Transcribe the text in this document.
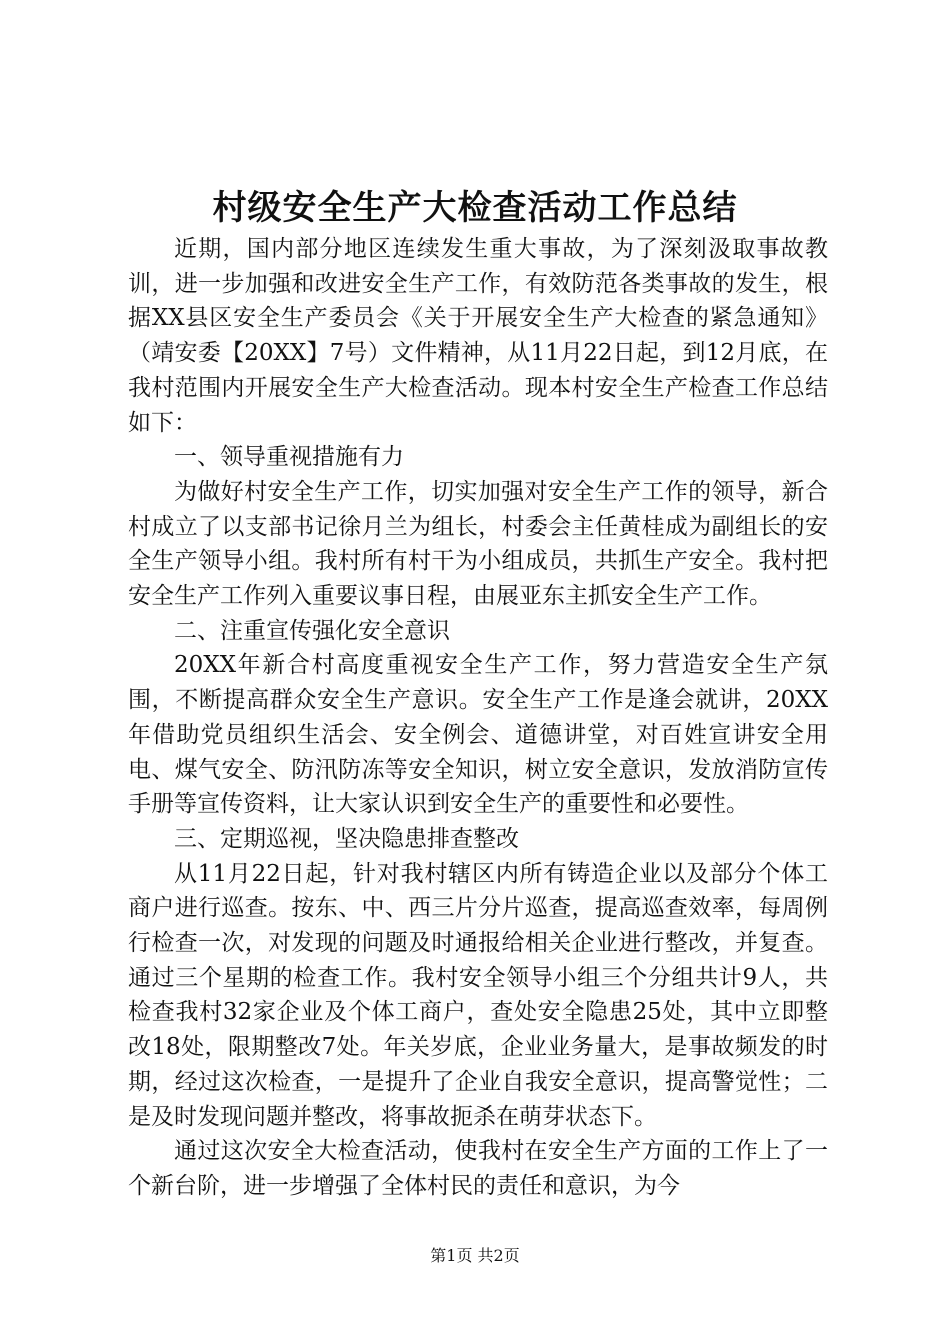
村级安全生产大检查活动工作总结

近期，国内部分地区连续发生重大事故，为了深刻汲取事故教训，进一步加强和改进安全生产工作，有效防范各类事故的发生，根据XX县区安全生产委员会《关于开展安全生产大检查的紧急通知》（靖安委【20XX】7号）文件精神，从11月22日起，到12月底，在我村范围内开展安全生产大检查活动。现本村安全生产检查工作总结如下：

一、领导重视措施有力

为做好村安全生产工作，切实加强对安全生产工作的领导，新合村成立了以支部书记徐月兰为组长，村委会主任黄桂成为副组长的安全生产领导小组。我村所有村干为小组成员，共抓生产安全。我村把安全生产工作列入重要议事日程，由展亚东主抓安全生产工作。

二、注重宣传强化安全意识

20XX年新合村高度重视安全生产工作，努力营造安全生产氛围，不断提高群众安全生产意识。安全生产工作是逢会就讲，20XX年借助党员组织生活会、安全例会、道德讲堂，对百姓宣讲安全用电、煤气安全、防汛防冻等安全知识，树立安全意识，发放消防宣传手册等宣传资料，让大家认识到安全生产的重要性和必要性。

三、定期巡视，坚决隐患排查整改

从11月22日起，针对我村辖区内所有铸造企业以及部分个体工商户进行巡查。按东、中、西三片分片巡查，提高巡查效率，每周例行检查一次，对发现的问题及时通报给相关企业进行整改，并复查。通过三个星期的检查工作。我村安全领导小组三个分组共计9人，共检查我村32家企业及个体工商户，查处安全隐患25处，其中立即整改18处，限期整改7处。年关岁底，企业业务量大，是事故频发的时期，经过这次检查，一是提升了企业自我安全意识，提高警觉性；二是及时发现问题并整改，将事故扼杀在萌芽状态下。

通过这次安全大检查活动，使我村在安全生产方面的工作上了一个新台阶，进一步增强了全体村民的责任和意识，为今

第1页 共2页
